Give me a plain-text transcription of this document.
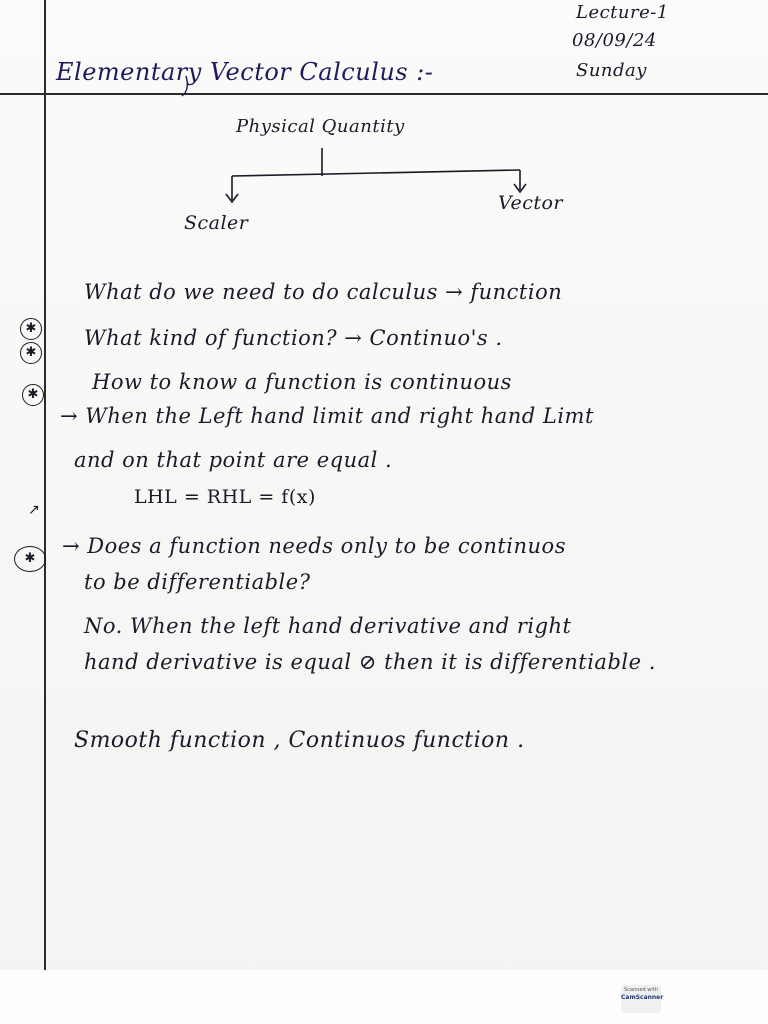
Elementary Vector Calculus :-
Lecture-1
08/09/24
Sunday
Physical Quantity
Scaler
Vector
✱
✱
✱
↗
✱
What do we need to do calculus → function
What kind of function? → Continuo's .
How to know a function is continuous
→ When the Left hand limit and right hand Limt
and on that point are equal .
LHL = RHL = f(x)
→ Does a function needs only to be continuos
to be differentiable?
No. When the left hand derivative and right
hand derivative is equal ⊘ then it is differentiable .
Smooth function , Continuos function .
Scanned with
CamScanner
